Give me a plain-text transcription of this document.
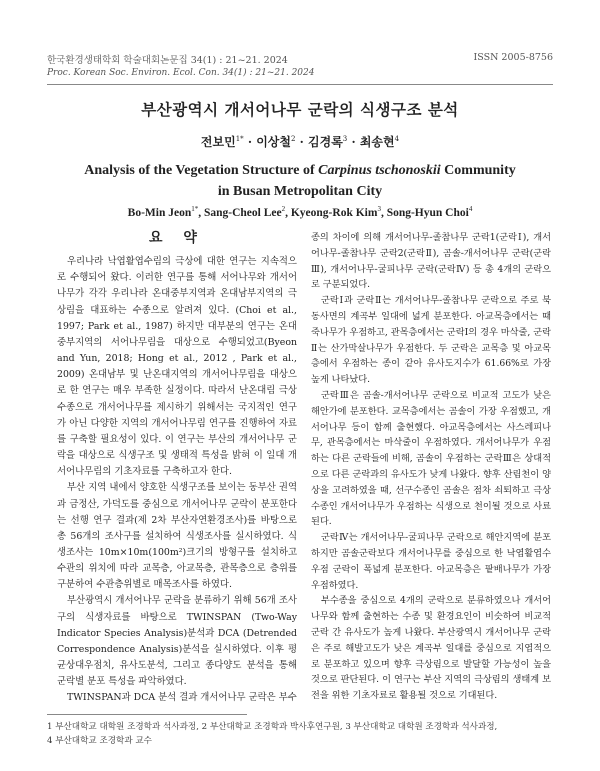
한국환경생태학회 학술대회논문집 34(1) : 21~21. 2024	ISSN 2005-8756
Proc. Korean Soc. Environ. Ecol. Con. 34(1) : 21~21. 2024
부산광역시 개서어나무 군락의 식생구조 분석
전보민$^{1*}$ · 이상철$^2$ · 김경록$^3$ · 최송현$^4$
Analysis of the Vegetation Structure of Carpinus tschonoskii Community
in Busan Metropolitan City
Bo-Min Jeon$^{1*}$, Sang-Cheol Lee$^2$, Kyeong-Rok Kim$^3$, Song-Hyun Choi$^4$

요 약

우리나라 낙엽활엽수림의 극상에 대한 연구는 지속적으로 수행되어 왔다. 이러한 연구를 통해 서어나무와 개서어나무가 각각 우리나라 온대중부지역과 온대남부지역의 극상림을 대표하는 수종으로 알려져 있다. (Choi et al., 1997; Park et al., 1987) 하지만 대부분의 연구는 온대중부지역의 서어나무림을 대상으로 수행되었고(Byeon and Yun, 2018; Hong et al., 2012 , Park et al., 2009) 온대남부 및 난온대지역의 개서어나무림을 대상으로 한 연구는 매우 부족한 실정이다. 따라서 난온대림 극상수종으로 개서어나무를 제시하기 위해서는 국지적인 연구가 아닌 다양한 지역의 개서어나무림 연구를 진행하여 자료를 구축할 필요성이 있다. 이 연구는 부산의 개서어나무 군락을 대상으로 식생구조 및 생태적 특성을 밝혀 이 일대 개서어나무림의 기초자료를 구축하고자 한다.

부산 지역 내에서 양호한 식생구조를 보이는 동부산 권역과 금정산, 가덕도를 중심으로 개서어나무 군락이 분포한다는 선행 연구 결과(제 2차 부산자연환경조사)를 바탕으로 총 56개의 조사구를 설치하여 식생조사를 실시하였다. 식생조사는 10m×10m(100m²)크기의 방형구를 설치하고 수관의 위치에 따라 교목층, 아교목층, 관목층으로 층위를 구분하여 수관층위별로 매목조사를 하였다.

부산광역시 개서어나무 군락을 분류하기 위해 56개 조사구의 식생자료를 바탕으로 TWINSPAN (Two-Way Indicator Species Analysis)분석과 DCA (Detrended Correspondence Analysis)분석을 실시하였다. 이후 평균상대우점치, 유사도분석, 그리고 종다양도 분석을 통해 군락별 분포 특성을 파악하였다.

TWINSPAN과 DCA 분석 결과 개서어나무 군락은 부수

종의 차이에 의해 개서어나무-졸참나무 군락1(군락Ⅰ), 개서어나무-졸참나무 군락2(군락Ⅱ), 곰솔-개서어나무 군락(군락Ⅲ), 개서어나무-굴피나무 군락(군락Ⅳ) 등 총 4개의 군락으로 구분되었다.

군락Ⅰ과 군락Ⅱ는 개서어나무-졸참나무 군락으로 주로 북동사면의 계곡부 일대에 넓게 분포한다. 아교목층에서는 때죽나무가 우점하고, 관목층에서는 군락Ⅰ의 경우 마삭줄, 군락Ⅱ는 산가막살나무가 우점한다. 두 군락은 교목층 및 아교목층에서 우점하는 종이 같아 유사도지수가 61.66%로 가장 높게 나타났다.

군락Ⅲ은 곰솔-개서어나무 군락으로 비교적 고도가 낮은 해안가에 분포한다. 교목층에서는 곰솔이 가장 우점했고, 개서어나무 등이 함께 출현했다. 아교목층에서는 사스레피나무, 관목층에서는 마삭줄이 우점하였다. 개서어나무가 우점하는 다른 군락들에 비해, 곰솔이 우점하는 군락Ⅲ은 상대적으로 다른 군락과의 유사도가 낮게 나왔다. 향후 산림천이 양상을 고려하였을 때, 선구수종인 곰솔은 점차 쇠퇴하고 극상수종인 개서어나무가 우점하는 식생으로 천이될 것으로 사료된다.

군락Ⅳ는 개서어나무-굴피나무 군락으로 해안지역에 분포하지만 곰솔군락보다 개서어나무를 중심으로 한 낙엽활엽수 우점 군락이 폭넓게 분포한다. 아교목층은 팥배나무가 가장 우점하였다.

부수종을 중심으로 4개의 군락으로 분류하였으나 개서어나무와 함께 출현하는 수종 및 환경요인이 비슷하여 비교적 군락 간 유사도가 높게 나왔다. 부산광역시 개서어나무 군락은 주로 해발고도가 낮은 계곡부 일대를 중심으로 지엽적으로 분포하고 있으며 향후 극상림으로 발달할 가능성이 높을 것으로 판단된다. 이 연구는 부산 지역의 극상림의 생태계 보전을 위한 기초자료로 활용될 것으로 기대된다.

1 부산대학교 대학원 조경학과 석사과정, 2 부산대학교 조경학과 박사후연구원, 3 부산대학교 대학원 조경학과 석사과정,
4 부산대학교 조경학과 교수
